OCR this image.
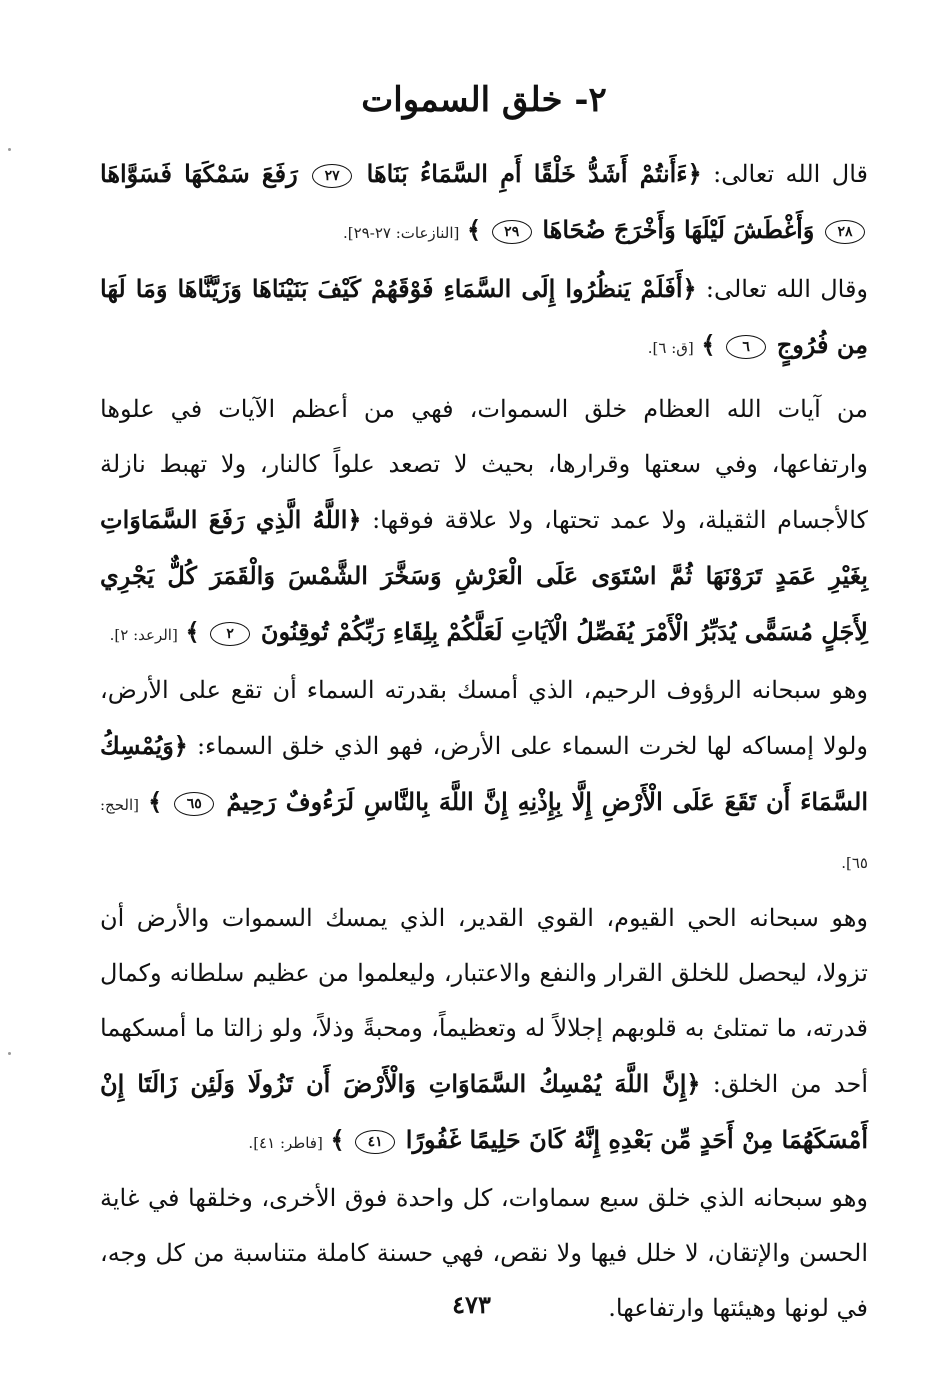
٢- خلق السموات

قال الله تعالى: ﴿ءَأَنتُمْ أَشَدُّ خَلْقًا أَمِ السَّمَاءُ بَنَاهَا ٢٧ رَفَعَ سَمْكَهَا فَسَوَّاهَا ٢٨ وَأَغْطَشَ لَيْلَهَا وَأَخْرَجَ ضُحَاهَا ٢٩ ﴾ [النازعات: ٢٧-٢٩].

وقال الله تعالى: ﴿أَفَلَمْ يَنظُرُوا إِلَى السَّمَاءِ فَوْقَهُمْ كَيْفَ بَنَيْنَاهَا وَزَيَّنَّاهَا وَمَا لَهَا مِن فُرُوجٍ ٦ ﴾ [ق: ٦].

من آيات الله العظام خلق السموات، فهي من أعظم الآيات في علوها وارتفاعها، وفي سعتها وقرارها، بحيث لا تصعد علواً كالنار، ولا تهبط نازلة كالأجسام الثقيلة، ولا عمد تحتها، ولا علاقة فوقها: ﴿اللَّهُ الَّذِي رَفَعَ السَّمَاوَاتِ بِغَيْرِ عَمَدٍ تَرَوْنَهَا ثُمَّ اسْتَوَى عَلَى الْعَرْشِ وَسَخَّرَ الشَّمْسَ وَالْقَمَرَ كُلٌّ يَجْرِي لِأَجَلٍ مُسَمًّى يُدَبِّرُ الْأَمْرَ يُفَصِّلُ الْآيَاتِ لَعَلَّكُمْ بِلِقَاءِ رَبِّكُمْ تُوقِنُونَ ٢ ﴾ [الرعد: ٢].

وهو سبحانه الرؤوف الرحيم، الذي أمسك بقدرته السماء أن تقع على الأرض، ولولا إمساكه لها لخرت السماء على الأرض، فهو الذي خلق السماء: ﴿وَيُمْسِكُ السَّمَاءَ أَن تَقَعَ عَلَى الْأَرْضِ إِلَّا بِإِذْنِهِ إِنَّ اللَّهَ بِالنَّاسِ لَرَءُوفٌ رَحِيمٌ ٦٥ ﴾ [الحج: ٦٥].

وهو سبحانه الحي القيوم، القوي القدير، الذي يمسك السموات والأرض أن تزولا، ليحصل للخلق القرار والنفع والاعتبار، وليعلموا من عظيم سلطانه وكمال قدرته، ما تمتلئ به قلوبهم إجلالاً له وتعظيماً، ومحبةً وذلاً، ولو زالتا ما أمسكهما أحد من الخلق: ﴿إِنَّ اللَّهَ يُمْسِكُ السَّمَاوَاتِ وَالْأَرْضَ أَن تَزُولَا وَلَئِن زَالَتَا إِنْ أَمْسَكَهُمَا مِنْ أَحَدٍ مِّن بَعْدِهِ إِنَّهُ كَانَ حَلِيمًا غَفُورًا ٤١ ﴾ [فاطر: ٤١].

وهو سبحانه الذي خلق سبع سماوات، كل واحدة فوق الأخرى، وخلقها في غاية الحسن والإتقان، لا خلل فيها ولا نقص، فهي حسنة كاملة متناسبة من كل وجه، في لونها وهيئتها وارتفاعها.

٤٧٣
